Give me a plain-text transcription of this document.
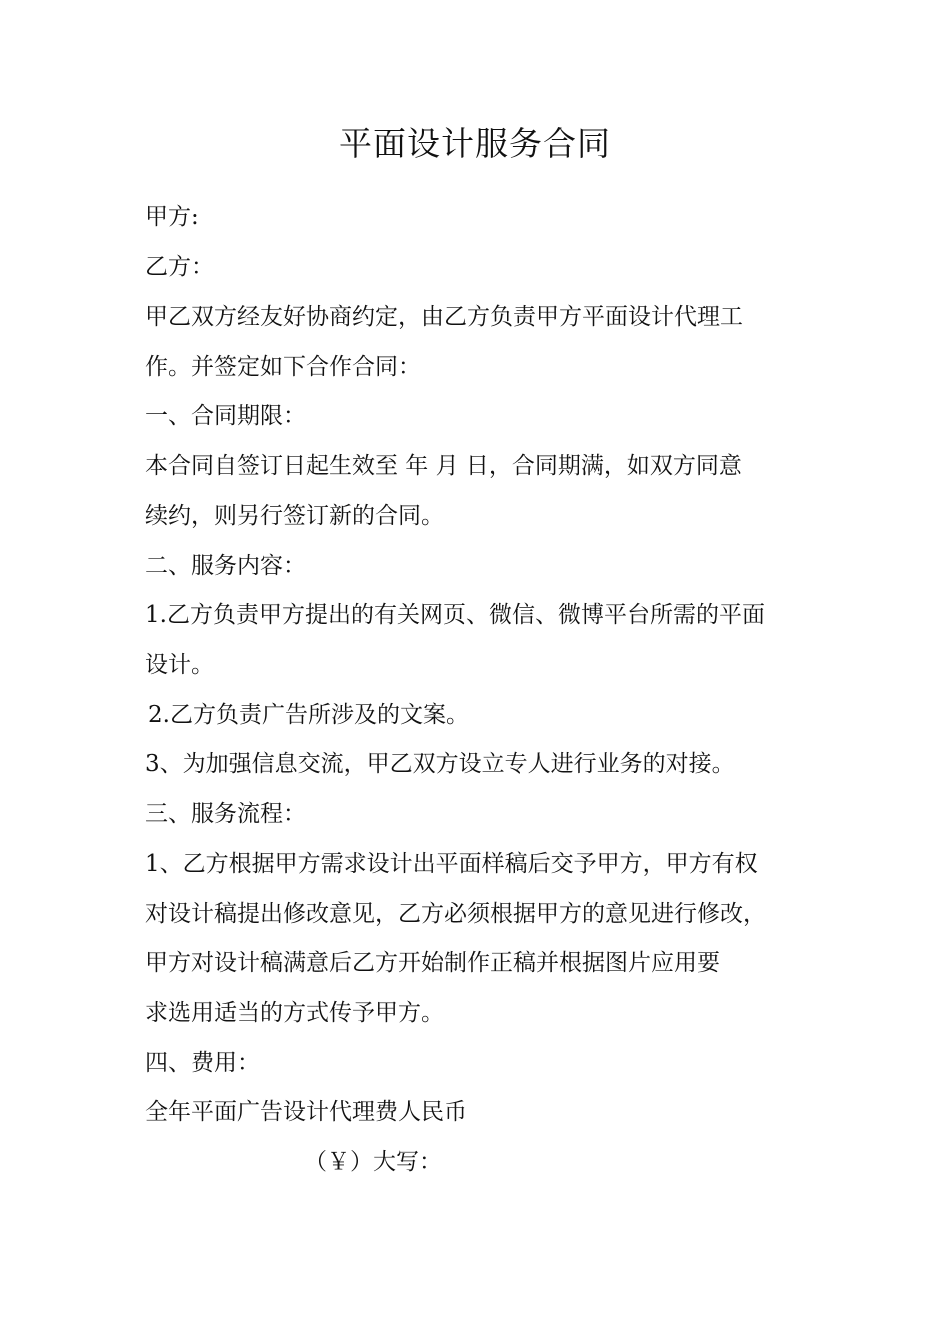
平面设计服务合同
甲方:
乙方：
甲乙双方经友好协商约定，由乙方负责甲方平面设计代理工
作。并签定如下合作合同：
一、合同期限：
本合同自签订日起生效至 年 月 日，合同期满，如双方同意
续约，则另行签订新的合同。
二、服务内容：
1.乙方负责甲方提出的有关网页、微信、微博平台所需的平面
设计。
2.乙方负责广告所涉及的文案。
3、为加强信息交流，甲乙双方设立专人进行业务的对接。
三、服务流程：
1、乙方根据甲方需求设计出平面样稿后交予甲方，甲方有权
对设计稿提出修改意见，乙方必须根据甲方的意见进行修改，
甲方对设计稿满意后乙方开始制作正稿并根据图片应用要
求选用适当的方式传予甲方。
四、费用：
全年平面广告设计代理费人民币
（￥）大写：
